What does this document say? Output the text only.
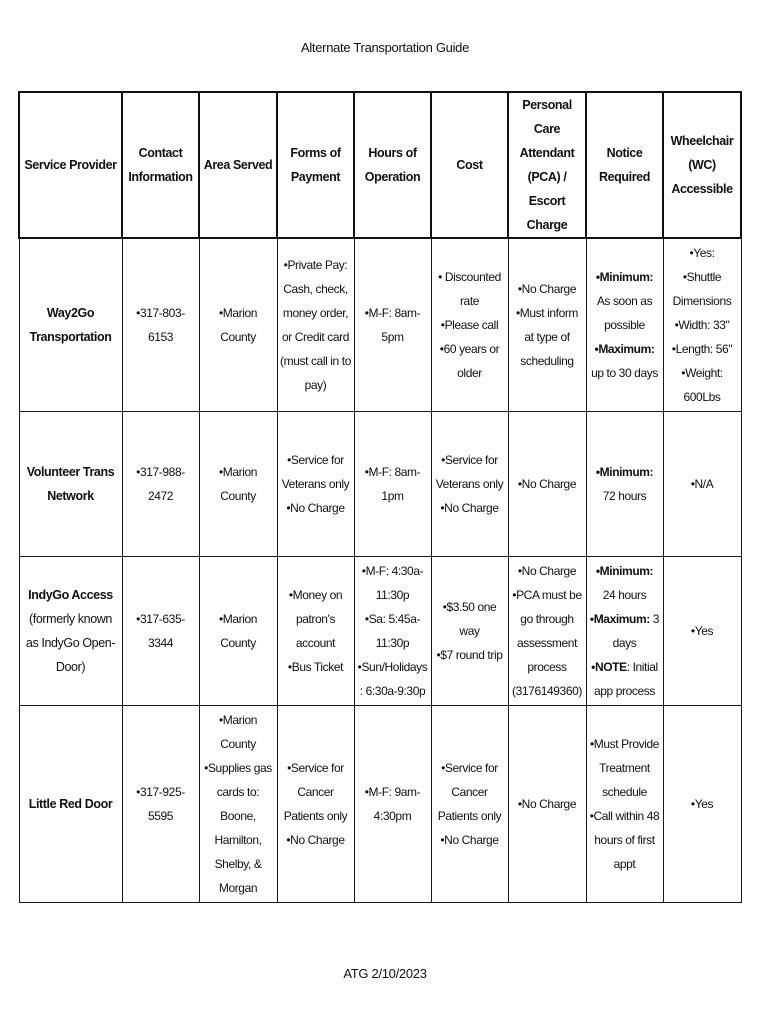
Alternate Transportation Guide
Service Provider	Contact Information	Area Served	Forms of Payment	Hours of Operation	Cost	Personal Care Attendant (PCA) / Escort Charge	Notice Required	Wheelchair (WC) Accessible
Way2Go Transportation	•317-803-6153	•Marion County	•Private Pay: Cash, check, money order, or Credit card (must call in to pay)	•M-F: 8am-5pm	• Discounted rate
•Please call
•60 years or older	•No Charge
•Must inform at type of scheduling	•Minimum: As soon as possible
•Maximum: up to 30 days	•Yes:
•Shuttle Dimensions
•Width: 33"
•Length: 56"
•Weight: 600Lbs

Volunteer Trans Network	•317-988-2472	•Marion County	•Service for Veterans only
•No Charge	•M-F: 8am-1pm	•Service for Veterans only
•No Charge	•No Charge	•Minimum: 72 hours	•N/A

IndyGo Access
(formerly known as IndyGo Open-Door)	•317-635-3344	•Marion County	•Money on patron's account
•Bus Ticket	•M-F: 4:30a-11:30p
•Sa: 5:45a-11:30p
•Sun/Holidays: 6:30a-9:30p	•$3.50 one way
•$7 round trip	•No Charge
•PCA must be go through assessment process (3176149360)	•Minimum: 24 hours
•Maximum: 3 days
•NOTE: Initial app process	•Yes

Little Red Door	•317-925-5595	•Marion County
•Supplies gas cards to: Boone, Hamilton, Shelby, & Morgan	•Service for Cancer Patients only
•No Charge	•M-F: 9am-4:30pm	•Service for Cancer Patients only
•No Charge	•No Charge	•Must Provide Treatment schedule
•Call within 48 hours of first appt	•Yes
ATG 2/10/2023
